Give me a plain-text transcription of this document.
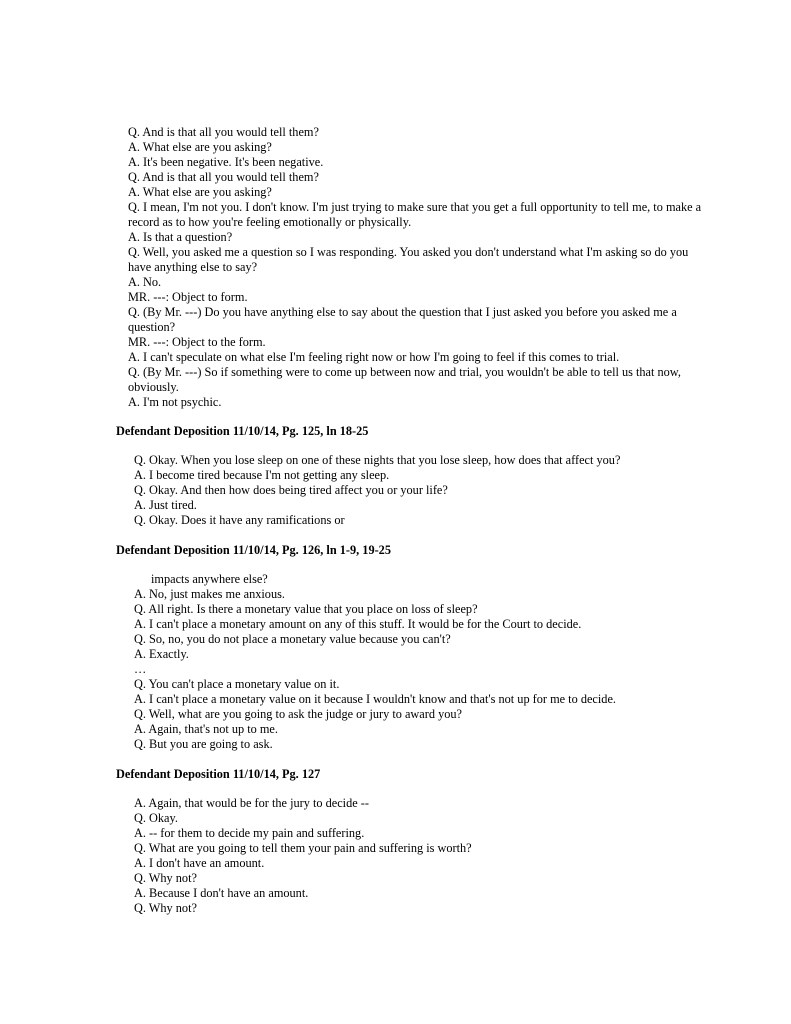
Q. And is that all you would tell them?
A. What else are you asking?
A. It's been negative. It's been negative.
Q. And is that all you would tell them?
A. What else are you asking?
Q. I mean, I'm not you. I don't know. I'm just trying to make sure that you get a full opportunity to tell me, to make a record as to how you're feeling emotionally or physically.
A. Is that a question?
Q. Well, you asked me a question so I was responding. You asked you don't understand what I'm asking so do you have anything else to say?
A. No.
MR. ---: Object to form.
Q. (By Mr. ---) Do you have anything else to say about the question that I just asked you before you asked me a question?
MR. ---: Object to the form.
A. I can't speculate on what else I'm feeling right now or how I'm going to feel if this comes to trial.
Q. (By Mr. ---) So if something were to come up between now and trial, you wouldn't be able to tell us that now, obviously.
A. I'm not psychic.
Defendant Deposition 11/10/14, Pg. 125, ln 18-25
Q. Okay. When you lose sleep on one of these nights that you lose sleep, how does that affect you?
A. I become tired because I'm not getting any sleep.
Q. Okay. And then how does being tired affect you or your life?
A. Just tired.
Q. Okay. Does it have any ramifications or
Defendant Deposition 11/10/14, Pg. 126, ln 1-9, 19-25
impacts anywhere else?
A. No, just makes me anxious.
Q. All right. Is there a monetary value that you place on loss of sleep?
A. I can't place a monetary amount on any of this stuff. It would be for the Court to decide.
Q. So, no, you do not place a monetary value because you can't?
A. Exactly.
…
Q. You can't place a monetary value on it.
A. I can't place a monetary value on it because I wouldn't know and that's not up for me to decide.
Q. Well, what are you going to ask the judge or jury to award you?
A. Again, that's not up to me.
Q. But you are going to ask.
Defendant Deposition 11/10/14, Pg. 127
A. Again, that would be for the jury to decide --
Q. Okay.
A. -- for them to decide my pain and suffering.
Q. What are you going to tell them your pain and suffering is worth?
A. I don't have an amount.
Q. Why not?
A. Because I don't have an amount.
Q. Why not?
